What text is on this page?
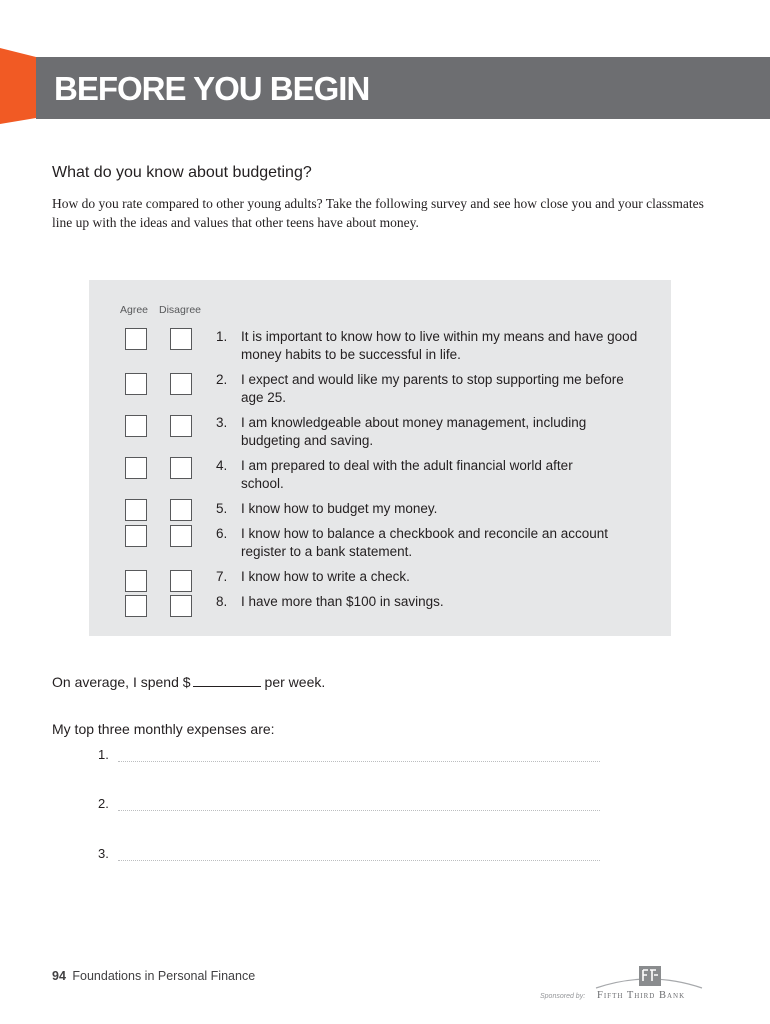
BEFORE YOU BEGIN
What do you know about budgeting?
How do you rate compared to other young adults? Take the following survey and see how close you and your classmates line up with the ideas and values that other teens have about money.
Agree Disagree
1.	It is important to know how to live within my means and have good money habits to be successful in life.
2.	I expect and would like my parents to stop supporting me before age 25.
3.	I am knowledgeable about money management, including budgeting and saving.
4.	I am prepared to deal with the adult financial world after school.
5.	I know how to budget my money.
6.	I know how to balance a checkbook and reconcile an account register to a bank statement.
7.	I know how to write a check.
8.	I have more than $100 in savings.
On average, I spend $	per week.
My top three monthly expenses are:
1.
2.
3.
94 Foundations in Personal Finance
Sponsored by: Fifth Third Bank
